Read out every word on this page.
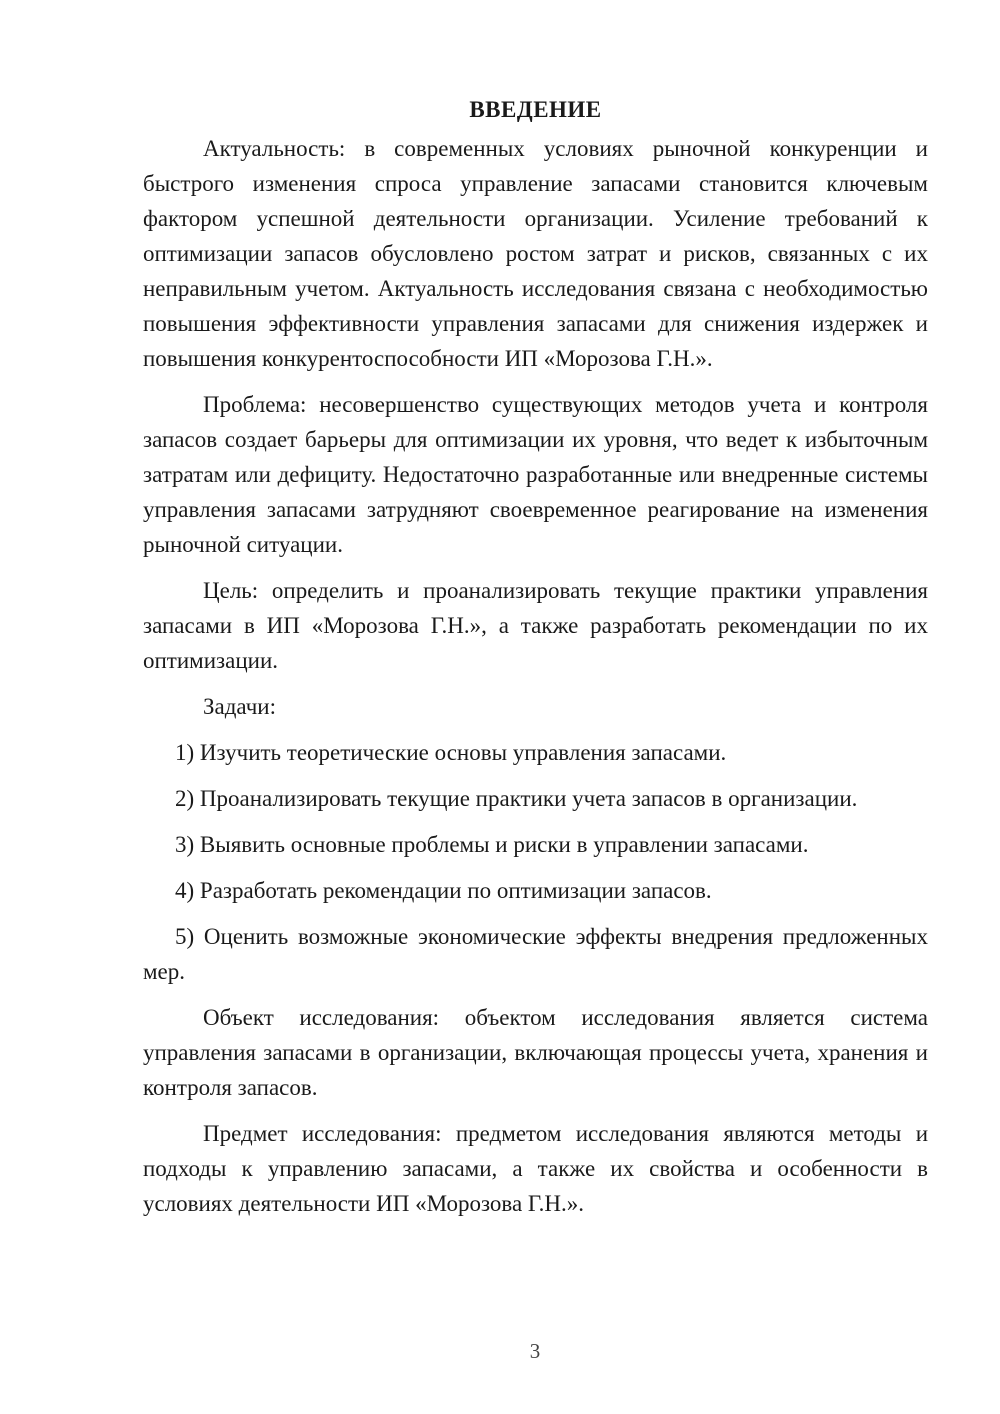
ВВЕДЕНИЕ

Актуальность: в современных условиях рыночной конкуренции и быстрого изменения спроса управление запасами становится ключевым фактором успешной деятельности организации. Усиление требований к оптимизации запасов обусловлено ростом затрат и рисков, связанных с их неправильным учетом. Актуальность исследования связана с необходимостью повышения эффективности управления запасами для снижения издержек и повышения конкурентоспособности ИП «Морозова Г.Н.».

Проблема: несовершенство существующих методов учета и контроля запасов создает барьеры для оптимизации их уровня, что ведет к избыточным затратам или дефициту. Недостаточно разработанные или внедренные системы управления запасами затрудняют своевременное реагирование на изменения рыночной ситуации.

Цель: определить и проанализировать текущие практики управления запасами в ИП «Морозова Г.Н.», а также разработать рекомендации по их оптимизации.

Задачи:

1) Изучить теоретические основы управления запасами.

2) Проанализировать текущие практики учета запасов в организации.

3) Выявить основные проблемы и риски в управлении запасами.

4) Разработать рекомендации по оптимизации запасов.

5) Оценить возможные экономические эффекты внедрения предложенных мер.

Объект исследования: объектом исследования является система управления запасами в организации, включающая процессы учета, хранения и контроля запасов.

Предмет исследования: предметом исследования являются методы и подходы к управлению запасами, а также их свойства и особенности в условиях деятельности ИП «Морозова Г.Н.».

3
